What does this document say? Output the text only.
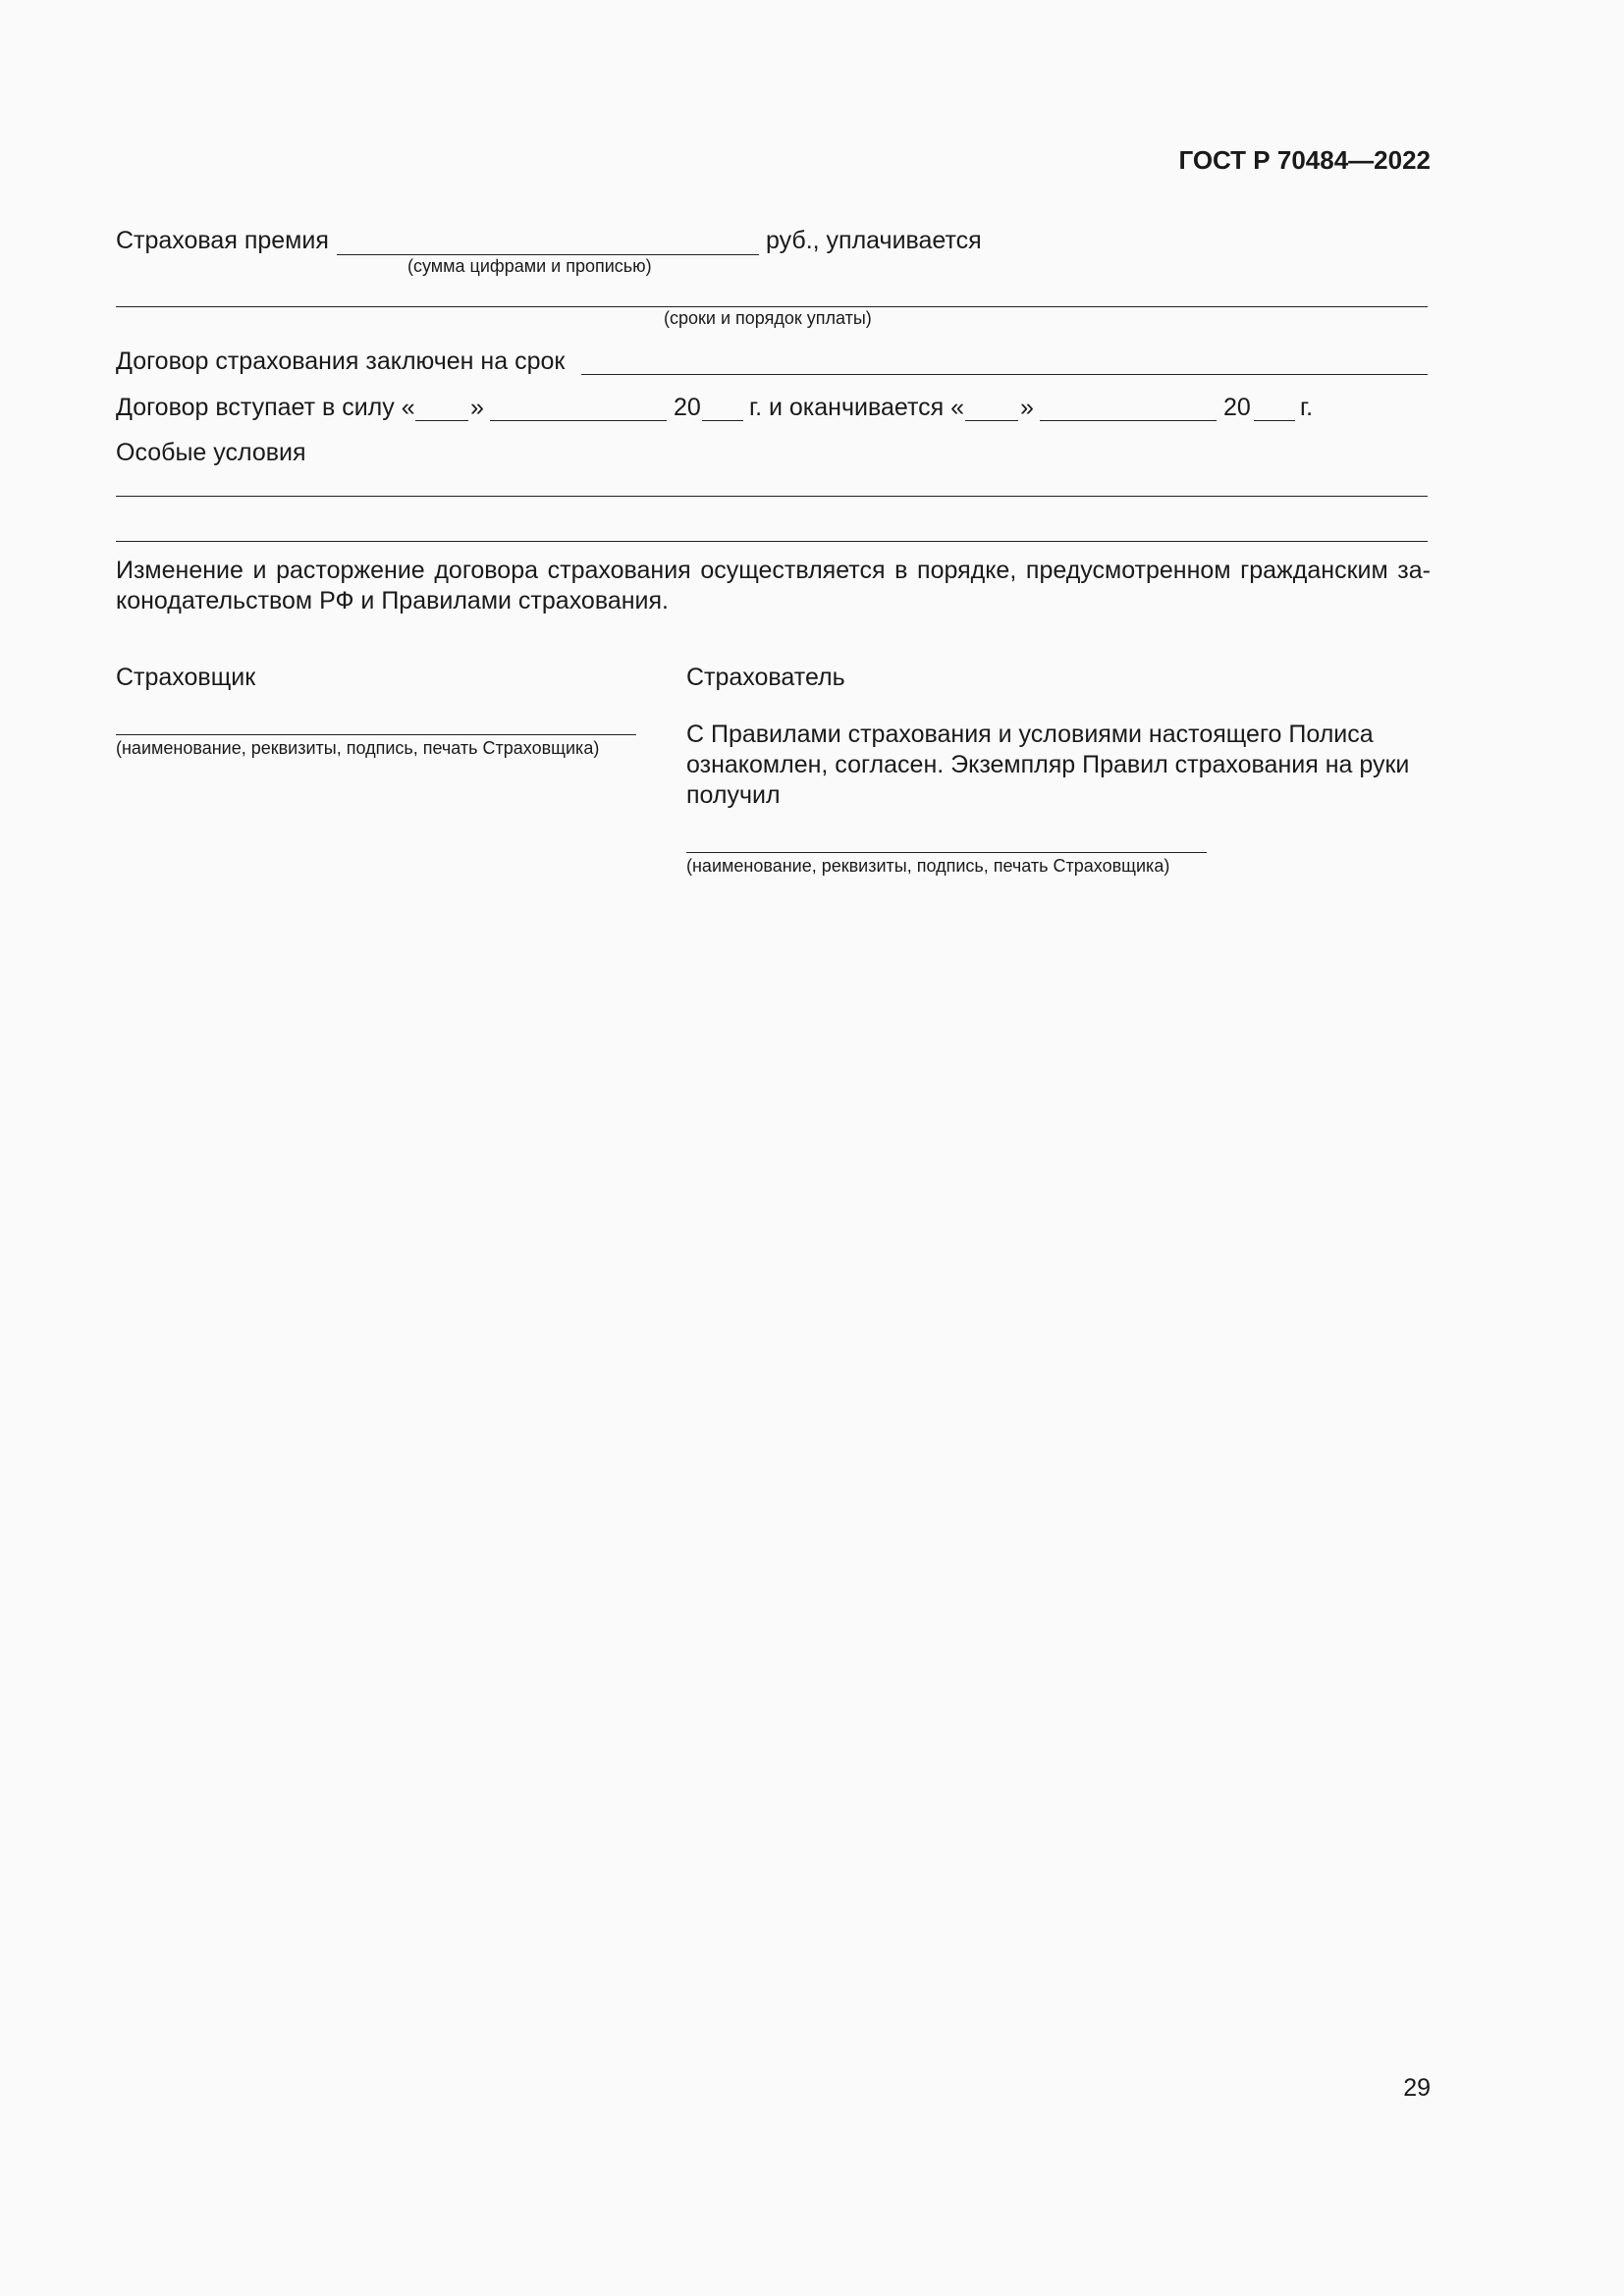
ГОСТ Р 70484—2022
Страховая премия	руб., уплачивается
(сумма цифрами и прописью)
(сроки и порядок уплаты)
Договор страхования заключен на срок
Договор вступает в силу « »	20 г. и оканчивается « »	20 г.
Особые условия
Изменение и расторжение договора страхования осуществляется в порядке, предусмотренном гражданским за-конодательством РФ и Правилами страхования.
Страховщик
(наименование, реквизиты, подпись, печать Страховщика)
Страхователь
С Правилами страхования и условиями настоящего Полиса ознакомлен, согласен. Экземпляр Правил страхования на руки получил
(наименование, реквизиты, подпись, печать Страховщика)
29
